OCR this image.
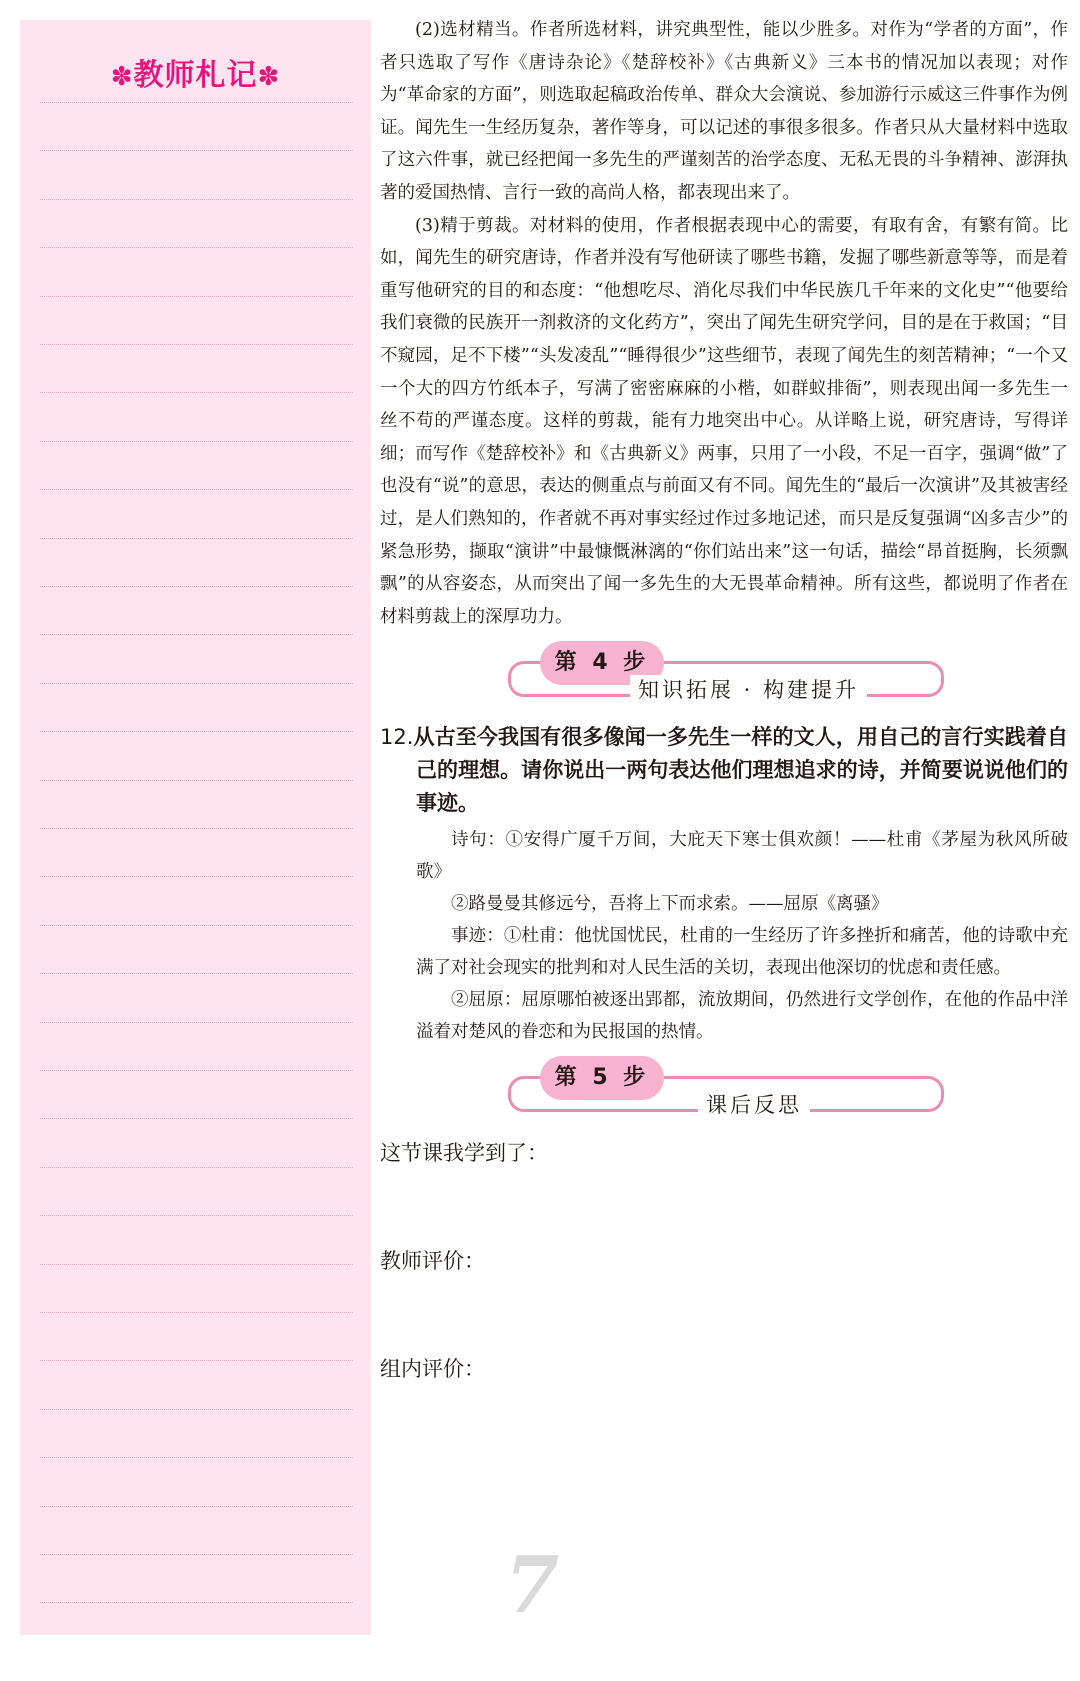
✽教师札记✽

(2)选材精当。作者所选材料，讲究典型性，能以少胜多。对作为“学者的方面”，作者只选取了写作《唐诗杂论》《楚辞校补》《古典新义》三本书的情况加以表现；对作为“革命家的方面”，则选取起稿政治传单、群众大会演说、参加游行示威这三件事作为例证。闻先生一生经历复杂，著作等身，可以记述的事很多很多。作者只从大量材料中选取了这六件事，就已经把闻一多先生的严谨刻苦的治学态度、无私无畏的斗争精神、澎湃执著的爱国热情、言行一致的高尚人格，都表现出来了。

(3)精于剪裁。对材料的使用，作者根据表现中心的需要，有取有舍，有繁有简。比如，闻先生的研究唐诗，作者并没有写他研读了哪些书籍，发掘了哪些新意等等，而是着重写他研究的目的和态度：“他想吃尽、消化尽我们中华民族几千年来的文化史”“他要给我们衰微的民族开一剂救济的文化药方”，突出了闻先生研究学问，目的是在于救国；“目不窥园，足不下楼”“头发凌乱”“睡得很少”这些细节，表现了闻先生的刻苦精神；“一个又一个大的四方竹纸本子，写满了密密麻麻的小楷，如群蚁排衙”，则表现出闻一多先生一丝不苟的严谨态度。这样的剪裁，能有力地突出中心。从详略上说，研究唐诗，写得详细；而写作《楚辞校补》和《古典新义》两事，只用了一小段，不足一百字，强调“做”了也没有“说”的意思，表达的侧重点与前面又有不同。闻先生的“最后一次演讲”及其被害经过，是人们熟知的，作者就不再对事实经过作过多地记述，而只是反复强调“凶多吉少”的紧急形势，撷取“演讲”中最慷慨淋漓的“你们站出来”这一句话，描绘“昂首挺胸，长须飘飘”的从容姿态，从而突出了闻一多先生的大无畏革命精神。所有这些，都说明了作者在材料剪裁上的深厚功力。

第 4 步
知识拓展 · 构建提升
12.从古至今我国有很多像闻一多先生一样的文人，用自己的言行实践着自己的理想。请你说出一两句表达他们理想追求的诗，并简要说说他们的事迹。

诗句：①安得广厦千万间，大庇天下寒士俱欢颜！——杜甫《茅屋为秋风所破歌》

②路曼曼其修远兮，吾将上下而求索。——屈原《离骚》

事迹：①杜甫：他忧国忧民，杜甫的一生经历了许多挫折和痛苦，他的诗歌中充满了对社会现实的批判和对人民生活的关切，表现出他深切的忧虑和责任感。

②屈原：屈原哪怕被逐出郢都，流放期间，仍然进行文学创作，在他的作品中洋溢着对楚风的眷恋和为民报国的热情。

第 5 步
课后反思

这节课我学到了：

教师评价：

组内评价：

7
